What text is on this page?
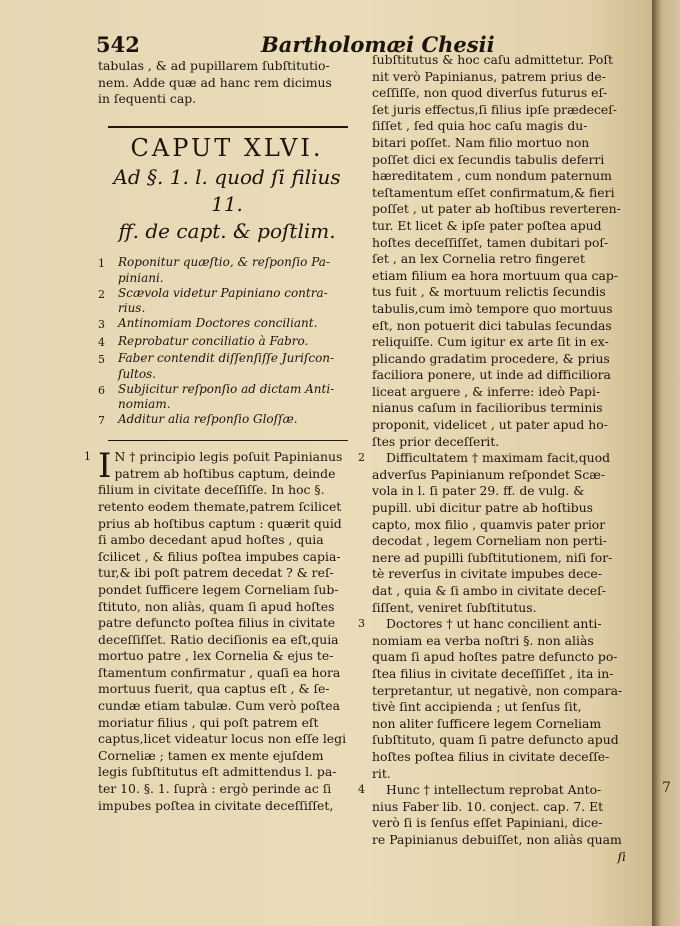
542	Bartholomæi Chesii
tabulas , & ad pupillarem ſubſtitutio-
nem. Adde quæ ad hanc rem dicimus
in ſequenti cap.
CAPUT XLVI.
Ad §. 1. l. quod ſi filius 11.
ff. de capt. & poſtlim.
1	Roponitur quæſtio, & reſponſio Pa-
piniani.
2	Scævola videtur Papiniano contra-
rius.
3	Antinomiam Doctores conciliant.
4	Reprobatur conciliatio à Fabro.
5	Faber contendit diſſenſiſſe Juriſcon-
ſultos.
6	Subjicitur reſponſio ad dictam Anti-
nomiam.
7	Additur alia reſponſio Gloſſæ.
1 I N † principio legis poſuit Papinianus
patrem ab hoſtibus captum, deinde
filium in civitate deceſſiſſe. In hoc §.
retento eodem themate,patrem ſcilicet
prius ab hoſtibus captum : quærit quid
ſi ambo decedant apud hoſtes , quia
ſcilicet , & filius poſtea impubes capia-
tur,& ibi poſt patrem decedat ? & reſ-
pondet ſufficere legem Corneliam ſub-
ſtituto, non aliàs, quam ſi apud hoſtes
patre defuncto poſtea filius in civitate
deceſſiſſet. Ratio deciſionis ea eſt,quia
mortuo patre , lex Cornelia & ejus te-
ſtamentum confirmatur , quaſi ea hora
mortuus fuerit, qua captus eſt , & ſe-
cundæ etiam tabulæ. Cum verò poſtea
moriatur filius , qui poſt patrem eſt
captus,licet videatur locus non eſſe legi
Corneliæ ; tamen ex mente ejuſdem
legis ſubſtitutus eſt admittendus l. pa-
ter 10. §. 1. ſuprà : ergò perinde ac ſi
impubes poſtea in civitate deceſſiſſet,
ſubſtitutus & hoc caſu admittetur. Poſt
nit verò Papinianus, patrem prius de-
ceſſiſſe, non quod diverſus futurus eſ-
ſet juris effectus,ſi filius ipſe prædeceſ-
ſiſſet , ſed quia hoc caſu magis du-
bitari poſſet. Nam filio mortuo non
poſſet dici ex ſecundis tabulis deferri
hæreditatem , cum nondum paternum
teſtamentum eſſet confirmatum,& fieri
poſſet , ut pater ab hoſtibus reverteren-
tur. Et licet & ipſe pater poſtea apud
hoſtes deceſſiſſet, tamen dubitari poſ-
ſet , an lex Cornelia retro fingeret
etiam filium ea hora mortuum qua cap-
tus fuit , & mortuum relictis ſecundis
tabulis,cum imò tempore quo mortuus
eſt, non potuerit dici tabulas ſecundas
reliquiſſe. Cum igitur ex arte ſit in ex-
plicando gradatim procedere, & prius
faciliora ponere, ut inde ad difficiliora
liceat arguere , & inferre: ideò Papi-
nianus caſum in facilioribus terminis
proponit, videlicet , ut pater apud ho-
ſtes prior deceſſerit.
2	Difficultatem † maximam facit,quod
adverſus Papinianum reſpondet Scæ-
vola in l. ſi pater 29. ff. de vulg. &
pupill. ubi dicitur patre ab hoſtibus
capto, mox filio , quamvis pater prior
decodat , legem Corneliam non perti-
nere ad pupilli ſubſtitutionem, niſi for-
tè reverſus in civitate impubes dece-
dat , quia & ſi ambo in civitate deceſ-
ſiſſent, veniret ſubſtitutus.
3	Doctores † ut hanc concilient anti-
nomiam ea verba noſtri §. non aliàs
quam ſi apud hoſtes patre defuncto po-
ſtea filius in civitate deceſſiſſet , ita in-
terpretantur, ut negativè, non compara-
tivè ſint accipienda ; ut ſenſus ſit,
non aliter ſufficere legem Corneliam
ſubſtituto, quam ſi patre defuncto apud
hoſtes poſtea filius in civitate deceſſe-
rit.
4	Hunc † intellectum reprobat Anto-
nius Faber lib. 10. conject. cap. 7. Et
verò ſi is ſenſus eſſet Papiniani, dice-
re Papinianus debuiſſet, non aliàs quam
ſi
7
